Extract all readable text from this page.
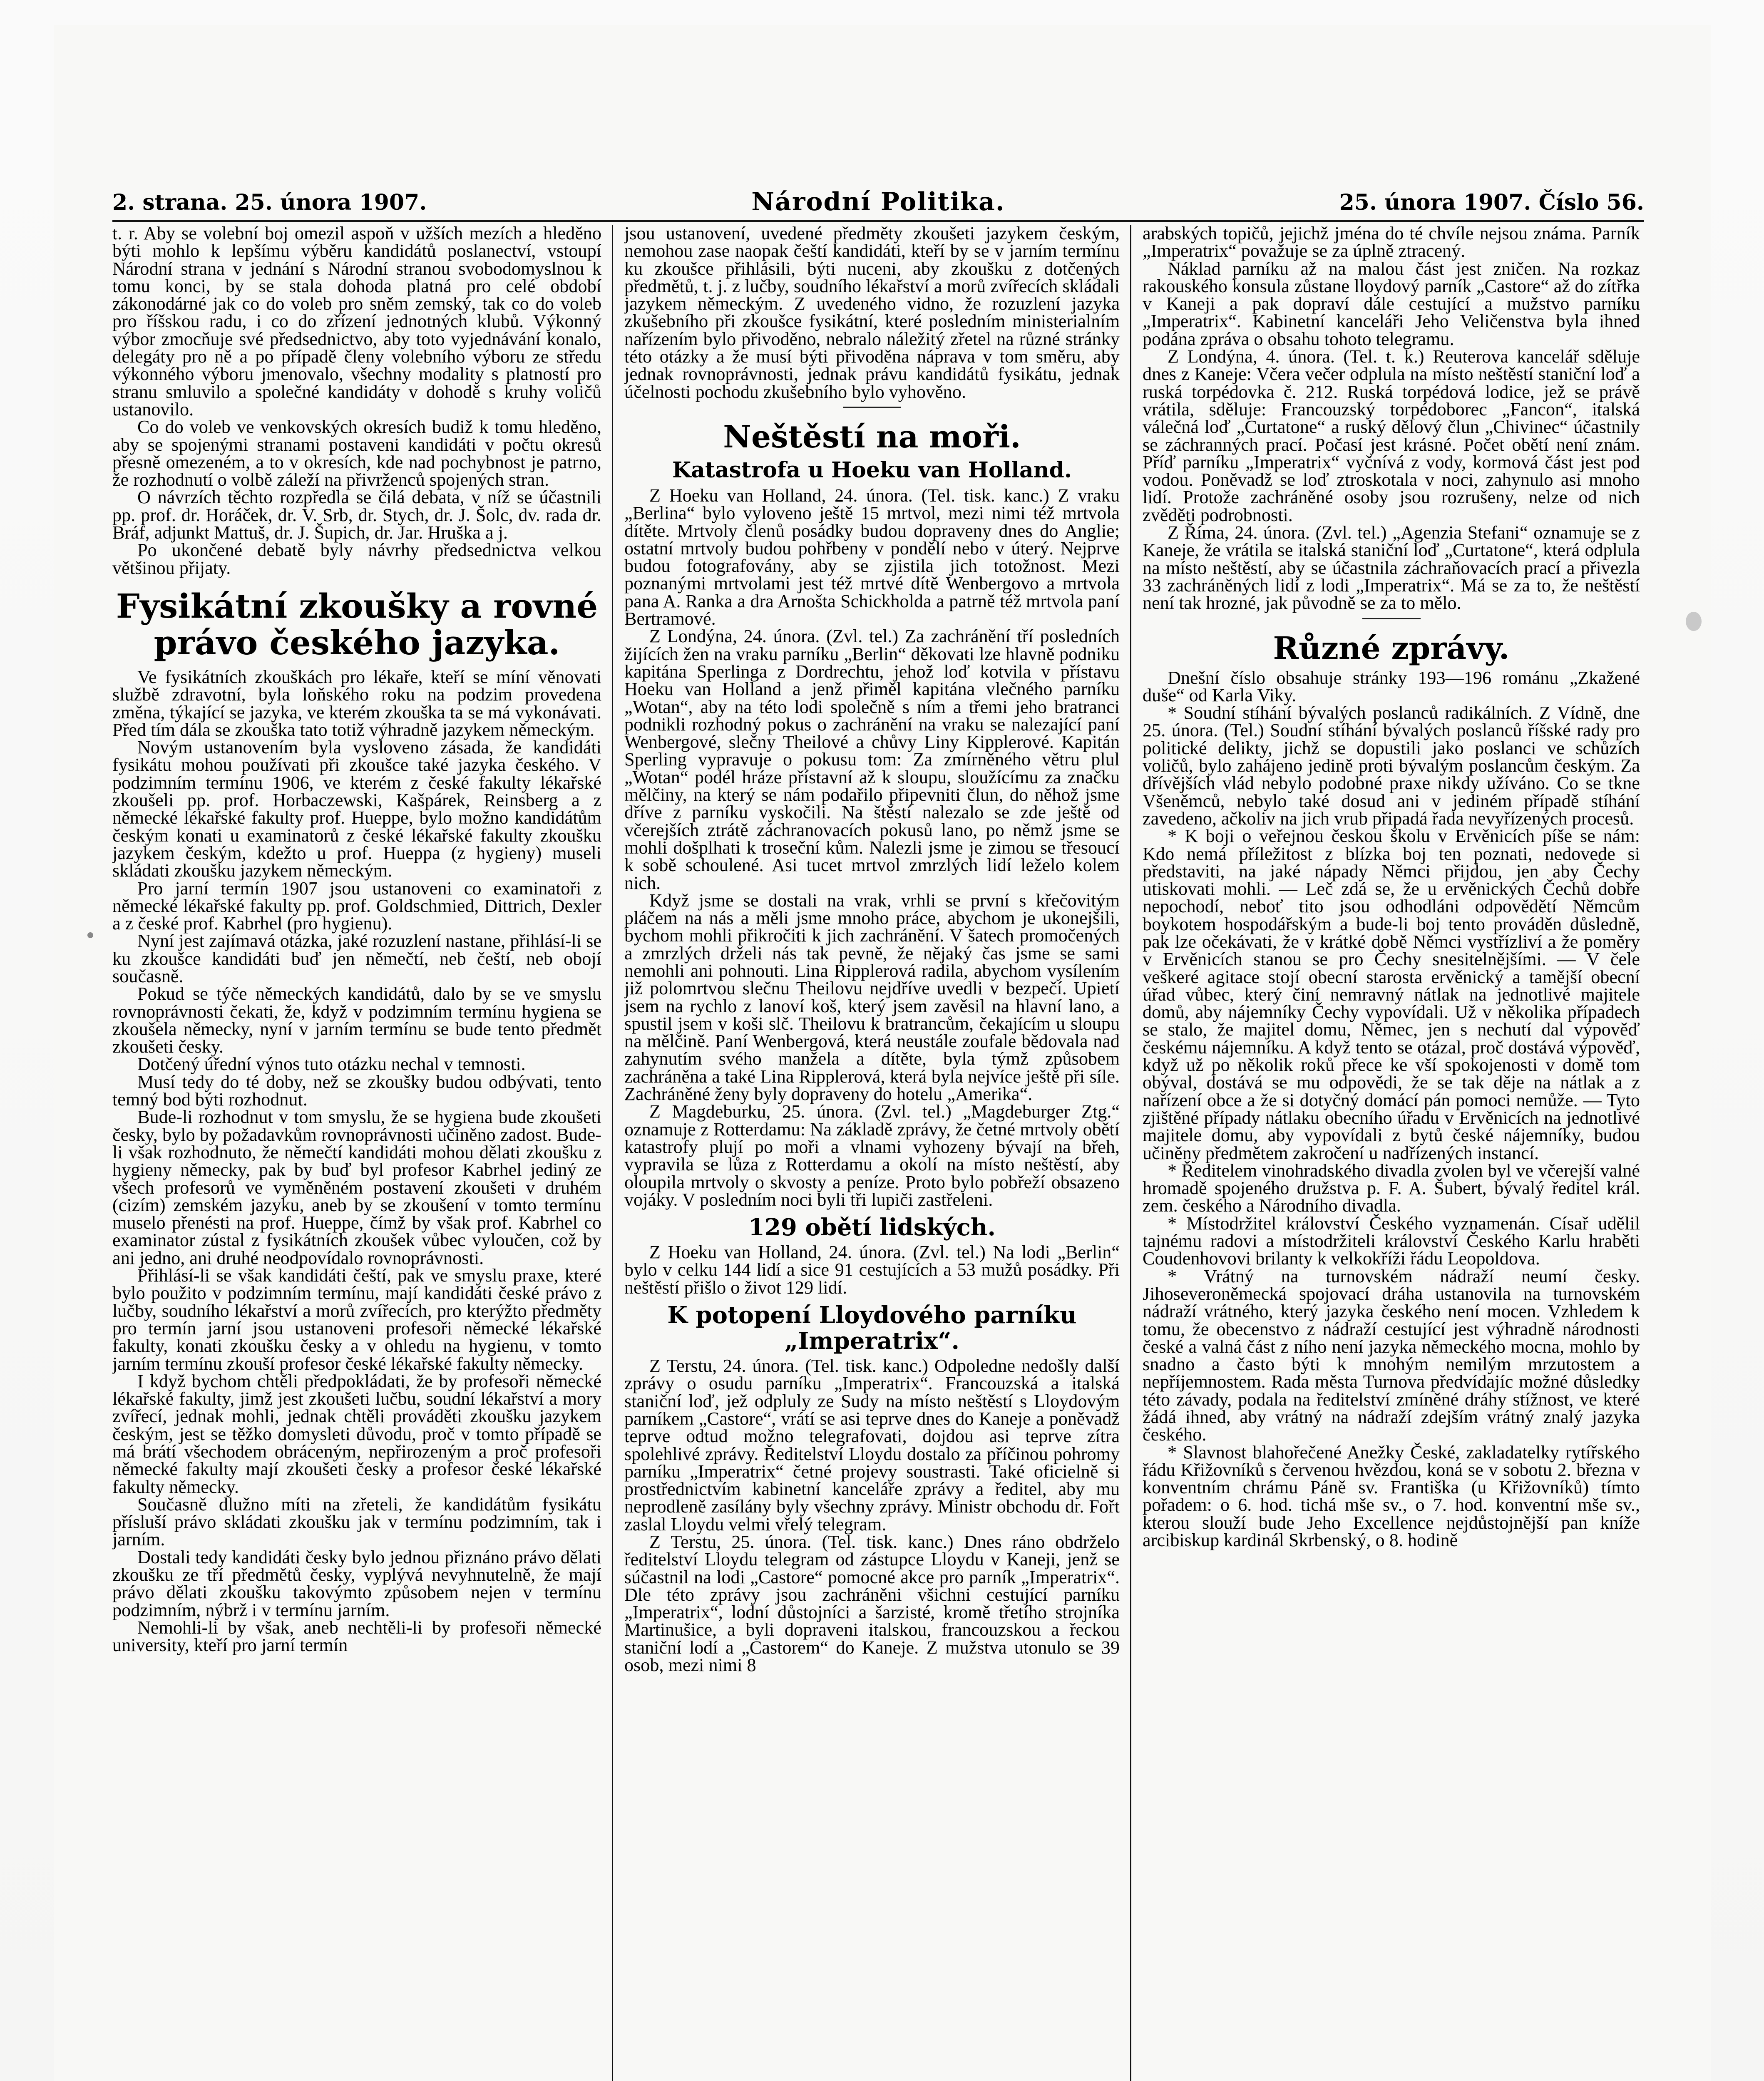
2. strana. 25. února 1907.	Národní Politika.	25. února 1907. Číslo 56.

t. r. Aby se volební boj omezil aspoň v užších mezích a hleděno býti mohlo k lepšímu výběru kandidátů poslanectví, vstoupí Národní strana v jednání s Národní stranou svobodomyslnou k tomu konci, by se stala dohoda platná pro celé období zákonodárné jak co do voleb pro sněm zemský, tak co do voleb pro říšskou radu, i co do zřízení jednotných klubů. Výkonný výbor zmocňuje své předsednictvo, aby toto vyjednávání konalo, delegáty pro ně a po případě členy volebního výboru ze středu výkonného výboru jmenovalo, všechny modality s platností pro stranu smluvilo a společné kandidáty v dohodě s kruhy voličů ustanovilo.

Co do voleb ve venkovských okresích budiž k tomu hleděno, aby se spojenými stranami postaveni kandidáti v počtu okresů přesně omezeném, a to v okresích, kde nad pochybnost je patrno, že rozhodnutí o volbě záleží na přivrženců spojených stran.

O návrzích těchto rozpředla se čilá debata, v níž se účastnili pp. prof. dr. Horáček, dr. V. Srb, dr. Stych, dr. J. Šolc, dv. rada dr. Bráf, adjunkt Mattuš, dr. J. Šupich, dr. Jar. Hruška a j.

Po ukončené debatě byly návrhy předsednictva velkou většinou přijaty.

Fysikátní zkoušky a rovné právo českého jazyka.

Ve fysikátních zkouškách pro lékaře, kteří se míní věnovati službě zdravotní, byla loňského roku na podzim provedena změna, týkající se jazyka, ve kterém zkouška ta se má vykonávati. Před tím dála se zkouška tato totiž výhradně jazykem německým.

Novým ustanovením byla vysloveno zásada, že kandidáti fysikátu mohou používati při zkoušce také jazyka českého. V podzimním termínu 1906, ve kterém z české fakulty lékařské zkoušeli pp. prof. Horbaczewski, Kašpárek, Reinsberg a z německé lékařské fakulty prof. Hueppe, bylo možno kandidátům českým konati u examinatorů z české lékařské fakulty zkoušku jazykem českým, kdežto u prof. Hueppa (z hygieny) museli skládati zkoušku jazykem německým.

Pro jarní termín 1907 jsou ustanoveni co examinatoři z německé lékařské fakulty pp. prof. Goldschmied, Dittrich, Dexler a z české prof. Kabrhel (pro hygienu).

Nyní jest zajímavá otázka, jaké rozuzlení nastane, přihlásí-li se ku zkoušce kandidáti buď jen němečtí, neb čeští, neb obojí současně.

Pokud se týče německých kandidátů, dalo by se ve smyslu rovnoprávnosti čekati, že, když v podzimním termínu hygiena se zkoušela německy, nyní v jarním termínu se bude tento předmět zkoušeti česky.

Dotčený úřední výnos tuto otázku nechal v temnosti.

Musí tedy do té doby, než se zkoušky budou odbývati, tento temný bod býti rozhodnut.

Bude-li rozhodnut v tom smyslu, že se hygiena bude zkoušeti česky, bylo by požadavkům rovnoprávnosti učiněno zadost. Bude-li však rozhodnuto, že němečtí kandidáti mohou dělati zkoušku z hygieny německy, pak by buď byl profesor Kabrhel jediný ze všech profesorů ve vyměněném postavení zkoušeti v druhém (cizím) zemském jazyku, aneb by se zkoušení v tomto termínu muselo přenésti na prof. Hueppe, čímž by však prof. Kabrhel co examinator zústal z fysikátních zkoušek vůbec vyloučen, což by ani jedno, ani druhé neodpovídalo rovnoprávnosti.

Přihlásí-li se však kandidáti čeští, pak ve smyslu praxe, které bylo použito v podzimním termínu, mají kandidáti české právo z lučby, soudního lékařství a morů zvířecích, pro kterýžto předměty pro termín jarní jsou ustanoveni profesoři německé lékařské fakulty, konati zkoušku česky a v ohledu na hygienu, v tomto jarním termínu zkouší profesor české lékařské fakulty německy.

I když bychom chtěli předpokládati, že by profesoři německé lékařské fakulty, jimž jest zkoušeti lučbu, soudní lékařství a mory zvířecí, jednak mohli, jednak chtěli prováděti zkoušku jazykem českým, jest se těžko domysleti důvodu, proč v tomto případě se má brátí všechodem obráceným, nepřirozeným a proč profesoři německé fakulty mají zkoušeti česky a profesor české lékařské fakulty německy.

Současně dlužno míti na zřeteli, že kandidátům fysikátu přísluší právo skládati zkoušku jak v termínu podzimním, tak i jarním.

Dostali tedy kandidáti česky bylo jednou přiznáno právo dělati zkoušku ze tří předmětů česky, vyplývá nevyhnutelně, že mají právo dělati zkoušku takovýmto způsobem nejen v termínu podzimním, nýbrž i v termínu jarním.

Nemohli-li by však, aneb nechtěli-li by profesoři německé university, kteří pro jarní termín

jsou ustanovení, uvedené předměty zkoušeti jazykem českým, nemohou zase naopak čeští kandidáti, kteří by se v jarním termínu ku zkoušce přihlásili, býti nuceni, aby zkoušku z dotčených předmětů, t. j. z lučby, soudního lékařství a morů zvířecích skládali jazykem německým. Z uvedeného vidno, že rozuzlení jazyka zkušebního při zkoušce fysikátní, které posledním ministerialním nařízením bylo přivoděno, nebralo náležitý zřetel na různé stránky této otázky a že musí býti přivoděna náprava v tom směru, aby jednak rovnoprávnosti, jednak právu kandidátů fysikátu, jednak účelnosti pochodu zkušebního bylo vyhověno.

Neštěstí na moři.
Katastrofa u Hoeku van Holland.

Z Hoeku van Holland, 24. února. (Tel. tisk. kanc.) Z vraku „Berlina“ bylo vyloveno ještě 15 mrtvol, mezi nimi též mrtvola dítěte. Mrtvoly členů posádky budou dopraveny dnes do Anglie; ostatní mrtvoly budou pohřbeny v pondělí nebo v úterý. Nejprve budou fotografovány, aby se zjistila jich totožnost. Mezi poznanými mrtvolami jest též mrtvé dítě Wenbergovo a mrtvola pana A. Ranka a dra Arnošta Schickholda a patrně též mrtvola paní Bertramové.

Z Londýna, 24. února. (Zvl. tel.) Za zachránění tří posledních žijících žen na vraku parníku „Berlin“ děkovati lze hlavně podniku kapitána Sperlinga z Dordrechtu, jehož loď kotvila v přístavu Hoeku van Holland a jenž přiměl kapitána vlečného parníku „Wotan“, aby na této lodi společně s ním a třemi jeho bratranci podnikli rozhodný pokus o zachránění na vraku se nalezající paní Wenbergové, slečny Theilové a chůvy Liny Kipplerové. Kapitán Sperling vypravuje o pokusu tom: Za zmírněného větru plul „Wotan“ podél hráze přístavní až k sloupu, sloužícímu za značku mělčiny, na který se nám podařilo připevniti člun, do něhož jsme dříve z parníku vyskočili. Na štěstí nalezalo se zde ještě od včerejších ztrátě záchranovacích pokusů lano, po němž jsme se mohli došplhati k troseční kům. Nalezli jsme je zimou se třesoucí k sobě schoulené. Asi tucet mrtvol zmrzlých lidí leželo kolem nich.

Když jsme se dostali na vrak, vrhli se první s křečovitým pláčem na nás a měli jsme mnoho práce, abychom je ukonejšili, bychom mohli přikročiti k jich zachránění. V šatech promočených a zmrzlých drželi nás tak pevně, že nějaký čas jsme se sami nemohli ani pohnouti. Lina Ripplerová radila, abychom vysílením již polomrtvou slečnu Theilovu nejdříve uvedli v bezpečí. Upietí jsem na rychlo z lanoví koš, který jsem zavěsil na hlavní lano, a spustil jsem v koši slč. Theilovu k bratrancům, čekajícím u sloupu na mělčině. Paní Wenbergová, která neustále zoufale bědovala nad zahynutím svého manžela a dítěte, byla týmž způsobem zachráněna a také Lina Ripplerová, která byla nejvíce ještě při síle. Zachráněné ženy byly dopraveny do hotelu „Amerika“.

Z Magdeburku, 25. února. (Zvl. tel.) „Magdeburger Ztg.“ oznamuje z Rotterdamu: Na základě zprávy, že četné mrtvoly obětí katastrofy plují po moři a vlnami vyhozeny bývají na břeh, vypravila se lůza z Rotterdamu a okolí na místo neštěstí, aby oloupila mrtvoly o skvosty a peníze. Proto bylo pobřeží obsazeno vojáky. V posledním noci byli tři lupiči zastřeleni.

129 obětí lidských.

Z Hoeku van Holland, 24. února. (Zvl. tel.) Na lodi „Berlin“ bylo v celku 144 lidí a sice 91 cestujících a 53 mužů posádky. Při neštěstí přišlo o život 129 lidí.

K potopení Lloydového parníku „Imperatrix“.

Z Terstu, 24. února. (Tel. tisk. kanc.) Odpoledne nedošly další zprávy o osudu parníku „Imperatrix“. Francouzská a italská staniční loď, jež odpluly ze Sudy na místo neštěstí s Lloydovým parníkem „Castore“, vrátí se asi teprve dnes do Kaneje a poněvadž teprve odtud možno telegrafovati, dojdou asi teprve zítra spolehlivé zprávy. Ředitelství Lloydu dostalo za příčinou pohromy parníku „Imperatrix“ četné projevy soustrasti. Také oficielně si prostřednictvím kabinetní kanceláře zprávy a ředitel, aby mu neprodleně zasílány byly všechny zprávy. Ministr obchodu dr. Fořt zaslal Lloydu velmi vřelý telegram.

Z Terstu, 25. února. (Tel. tisk. kanc.) Dnes ráno obdrželo ředitelství Lloydu telegram od zástupce Lloydu v Kaneji, jenž se súčastnil na lodi „Castore“ pomocné akce pro parník „Imperatrix“. Dle této zprávy jsou zachráněni všichni cestující parníku „Imperatrix“, lodní důstojníci a šarzisté, kromě třetího strojníka Martinušice, a byli dopraveni italskou, francouzskou a řeckou staniční lodí a „Castorem“ do Kaneje. Z mužstva utonulo se 39 osob, mezi nimi 8

arabských topičů, jejichž jména do té chvíle nejsou známa. Parník „Imperatrix“ považuje se za úplně ztracený.

Náklad parníku až na malou část jest zničen. Na rozkaz rakouského konsula zůstane lloydový parník „Castore“ až do zítřka v Kaneji a pak dopraví dále cestující a mužstvo parníku „Imperatrix“. Kabinetní kanceláři Jeho Veličenstva byla ihned podána zpráva o obsahu tohoto telegramu.

Z Londýna, 4. února. (Tel. t. k.) Reuterova kancelář sděluje dnes z Kaneje: Včera večer odplula na místo neštěstí staniční loď a ruská torpédovka č. 212. Ruská torpédová lodice, jež se právě vrátila, sděluje: Francouzský torpédoborec „Fancon“, italská válečná loď „Curtatone“ a ruský dělový člun „Chivinec“ účastnily se záchranných prací. Počasí jest krásné. Počet obětí není znám. Příď parníku „Imperatrix“ vyčnívá z vody, kormová část jest pod vodou. Poněvadž se loď ztroskotala v noci, zahynulo asi mnoho lidí. Protože zachráněné osoby jsou rozrušeny, nelze od nich zvěděti podrobnosti.

Z Říma, 24. února. (Zvl. tel.) „Agenzia Stefani“ oznamuje se z Kaneje, že vrátila se italská staniční loď „Curtatone“, která odplula na místo neštěstí, aby se účastnila záchraňovacích prací a přivezla 33 zachráněných lidí z lodi „Imperatrix“. Má se za to, že neštěstí není tak hrozné, jak původně se za to mělo.

Různé zprávy.

Dnešní číslo obsahuje stránky 193—196 románu „Zkažené duše“ od Karla Viky.

* Soudní stíhání bývalých poslanců radikálních. Z Vídně, dne 25. února. (Tel.) Soudní stíhání bývalých poslanců říšské rady pro politické delikty, jichž se dopustili jako poslanci ve schůzích voličů, bylo zahájeno jedině proti bývalým poslancům českým. Za dřívějších vlád nebylo podobné praxe nikdy užíváno. Co se tkne Všeněmců, nebylo také dosud ani v jediném případě stíhání zavedeno, ačkoliv na jich vrub připadá řada nevyřízených procesů.

* K boji o veřejnou českou školu v Ervěnicích píše se nám: Kdo nemá příležitost z blízka boj ten poznati, nedovede si představiti, na jaké nápady Němci přijdou, jen aby Čechy utiskovati mohli. — Leč zdá se, že u ervěnických Čechů dobře nepochodí, neboť tito jsou odhodláni odpovědětí Němcům boykotem hospodářským a bude-li boj tento prováděn důsledně, pak lze očekávati, že v krátké době Němci vystřízliví a že poměry v Ervěnicích stanou se pro Čechy snesitelnějšími. — V čele veškeré agitace stojí obecní starosta ervěnický a tamější obecní úřad vůbec, který činí nemravný nátlak na jednotlivé majitele domů, aby nájemníky Čechy vypovídali. Už v několika případech se stalo, že majitel domu, Němec, jen s nechutí dal výpověď českému nájemníku. A když tento se otázal, proč dostává výpověď, když už po několik roků přece ke vší spokojenosti v domě tom obýval, dostává se mu odpovědi, že se tak děje na nátlak a z nařízení obce a že si dotyčný domácí pán pomoci nemůže. — Tyto zjištěné případy nátlaku obecního úřadu v Ervěnicích na jednotlivé majitele domu, aby vypovídali z bytů české nájemníky, budou učiněny předmětem zakročení u nadřízených instancí.

* Ředitelem vinohradského divadla zvolen byl ve včerejší valné hromadě spojeného družstva p. F. A. Šubert, bývalý ředitel král. zem. českého a Národního divadla.

* Místodržitel království Českého vyznamenán. Císař udělil tajnému radovi a místodržiteli království Českého Karlu hraběti Coudenhovovi brilanty k velkokříži řádu Leopoldova.

* Vrátný na turnovském nádraží neumí česky. Jihoseveroněmecká spojovací dráha ustanovila na turnovském nádraží vrátného, který jazyka českého není mocen. Vzhledem k tomu, že obecenstvo z nádraží cestující jest výhradně národnosti české a valná část z ního není jazyka německého mocna, mohlo by snadno a často býti k mnohým nemilým mrzutostem a nepříjemnostem. Rada města Turnova předvídajíc možné důsledky této závady, podala na ředitelství zmíněné dráhy stížnost, ve které žádá ihned, aby vrátný na nádraží zdejším vrátný znalý jazyka českého.

* Slavnost blahořečené Anežky České, zakladatelky rytířského řádu Křižovníků s červenou hvězdou, koná se v sobotu 2. března v konventním chrámu Páně sv. Františka (u Křižovníků) tímto pořadem: o 6. hod. tichá mše sv., o 7. hod. konventní mše sv., kterou slouží bude Jeho Excellence nejdůstojnější pan kníže arcibiskup kardinál Skrbenský, o 8. hodině
